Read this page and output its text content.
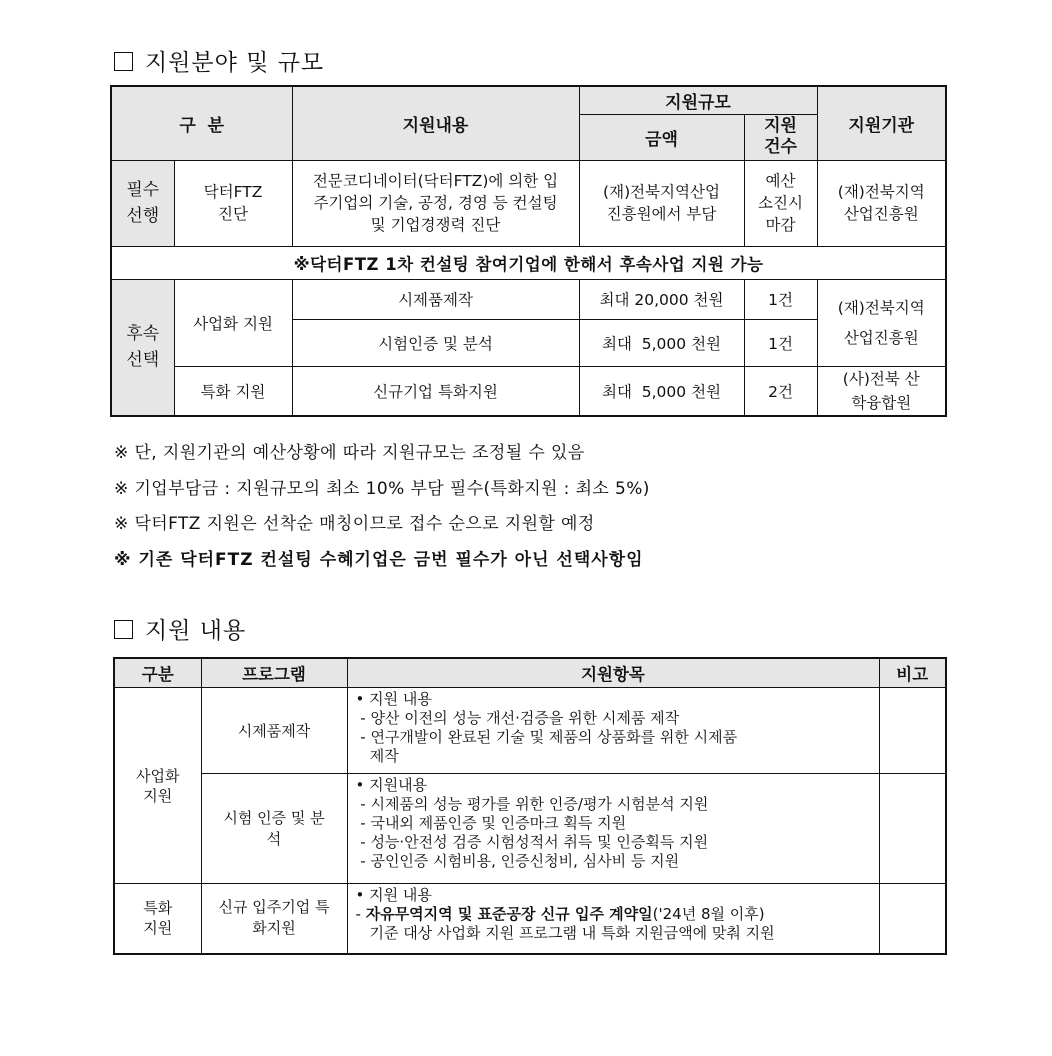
지원분야 및 규모
구  분		지원내용	지원규모		지원기관
			금액	지원 건수	
필수 선행	닥터FTZ 진단	전문코디네이터(닥터FTZ)에 의한 입주기업의 기술, 공정, 경영 등 컨설팅 및 기업경쟁력 진단	(재)전북지역산업 진흥원에서 부담	예산 소진시 마감	(재)전북지역 산업진흥원
※닥터FTZ 1차 컨설팅 참여기업에 한해서 후속사업 지원 가능					
후속 선택	사업화 지원	시제품제작	최대 20,000 천원	1건	(재)전북지역 산업진흥원
		시험인증 및 분석	최대  5,000 천원	1건	
	특화 지원	신규기업 특화지원	최대  5,000 천원	2건	(사)전북 산학융합원
※ 단, 지원기관의 예산상황에 따라 지원규모는 조정될 수 있음
※ 기업부담금 : 지원규모의 최소 10% 부담 필수(특화지원 : 최소 5%)
※ 닥터FTZ 지원은 선착순 매칭이므로 접수 순으로 지원할 예정
※ 기존 닥터FTZ 컨설팅 수혜기업은 금번 필수가 아닌 선택사항임
지원 내용
구분	프로그램	지원항목	비고
사업화 지원	시제품제작	• 지원 내용
- 양산 이전의 성능 개선·검증을 위한 시제품 제작
- 연구개발이 완료된 기술 및 제품의 상품화를 위한 시제품
제작	

	시험 인증 및 분석	• 지원내용
- 시제품의 성능 평가를 위한 인증/평가 시험분석 지원
- 국내외 제품인증 및 인증마크 획득 지원
- 성능·안전성 검증 시험성적서 취득 및 인증획득 지원
- 공인인증 시험비용, 인증신청비, 심사비 등 지원	

특화 지원	신규 입주기업 특화지원	• 지원 내용
- 자유무역지역 및 표준공장 신규 입주 계약일('24년 8월 이후)
기준 대상 사업화 지원 프로그램 내 특화 지원금액에 맞춰 지원	
